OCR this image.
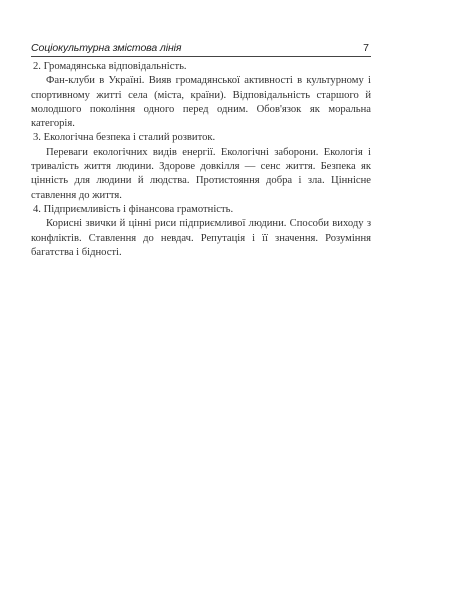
Соціокультурна змістова лінія	7

2. Громадянська відповідальність.

Фан-клуби в Україні. Вияв громадянської активності в культурному і спортивному житті села (міста, країни). Відповідальність старшого й молодшого покоління одного перед одним. Обов'язок як моральна категорія.

3. Екологічна безпека і сталий розвиток.

Переваги екологічних видів енергії. Екологічні заборони. Екологія і тривалість життя людини. Здорове довкілля — сенс життя. Безпека як цінність для людини й людства. Протистояння добра і зла. Ціннісне ставлення до життя.

4. Підприємливість і фінансова грамотність.

Корисні звички й цінні риси підприємливої людини. Способи виходу з конфліктів. Ставлення до невдач. Репутація і її значення. Розуміння багатства і бідності.
